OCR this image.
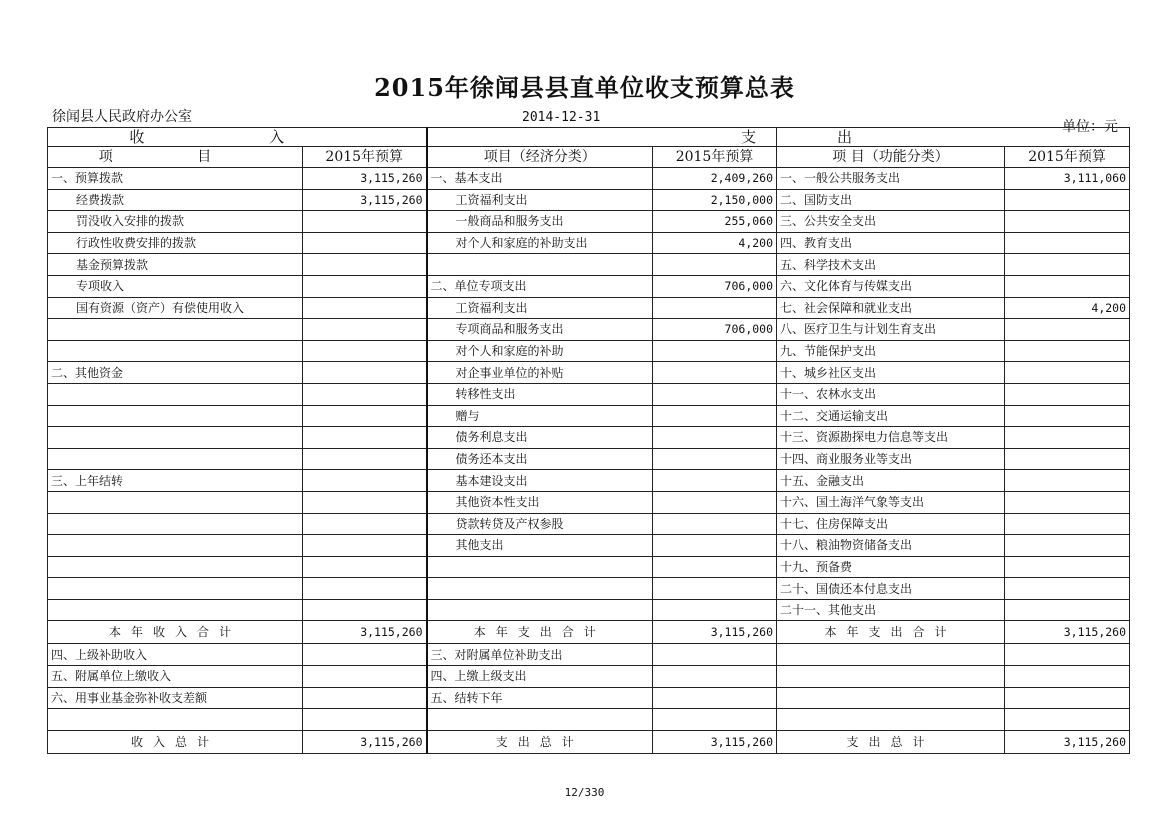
2015年徐闻县县直单位收支预算总表
徐闻县人民政府办公室	2014-12-31
单位：元
收 入		支		出	
项 目	2015年预算	项目（经济分类）	2015年预算	项 目（功能分类）	2015年预算
一、预算拨款	3,115,260	一、基本支出	2,409,260	一、一般公共服务支出	3,111,060
经费拨款	3,115,260	工资福利支出	2,150,000	二、国防支出	
罚没收入安排的拨款		一般商品和服务支出	255,060	三、公共安全支出	
行政性收费安排的拨款		对个人和家庭的补助支出	4,200	四、教育支出	
基金预算拨款				五、科学技术支出	
专项收入		二、单位专项支出	706,000	六、文化体育与传媒支出	
国有资源（资产）有偿使用收入		工资福利支出		七、社会保障和就业支出	4,200
		专项商品和服务支出	706,000	八、医疗卫生与计划生育支出	
		对个人和家庭的补助		九、节能保护支出	
二、其他资金		对企事业单位的补贴		十、城乡社区支出	
		转移性支出		十一、农林水支出	
		赠与		十二、交通运输支出	
		债务利息支出		十三、资源勘探电力信息等支出	
		债务还本支出		十四、商业服务业等支出	
三、上年结转		基本建设支出		十五、金融支出	
		其他资本性支出		十六、国土海洋气象等支出	
		贷款转贷及产权参股		十七、住房保障支出	
		其他支出		十八、粮油物资储备支出	
				十九、预备费	
				二十、国债还本付息支出	
				二十一、其他支出	
本年收入合计	3,115,260	本年支出合计	3,115,260	本年支出合计	3,115,260
四、上级补助收入		三、对附属单位补助支出			
五、附属单位上缴收入		四、上缴上级支出			
六、用事业基金弥补收支差额		五、结转下年			

收入总计	3,115,260	支出总计	3,115,260	支出总计	3,115,260
12/330
